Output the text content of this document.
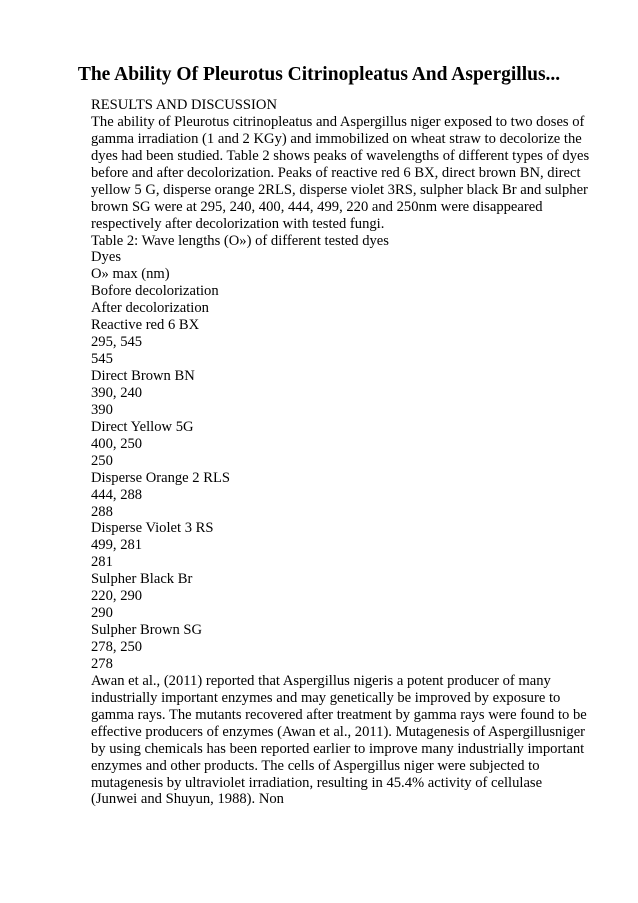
The Ability Of Pleurotus Citrinopleatus And Aspergillus...
RESULTS AND DISCUSSION
The ability of Pleurotus citrinopleatus and Aspergillus niger exposed to two doses of
gamma irradiation (1 and 2 KGy) and immobilized on wheat straw to decolorize the
dyes had been studied. Table 2 shows peaks of wavelengths of different types of dyes
before and after decolorization. Peaks of reactive red 6 BX, direct brown BN, direct
yellow 5 G, disperse orange 2RLS, disperse violet 3RS, sulpher black Br and sulpher
brown SG were at 295, 240, 400, 444, 499, 220 and 250nm were disappeared
respectively after decolorization with tested fungi.
Table 2: Wave lengths (O») of different tested dyes
Dyes
O» max (nm)
Bofore decolorization
After decolorization
Reactive red 6 BX
295, 545
545
Direct Brown BN
390, 240
390
Direct Yellow 5G
400, 250
250
Disperse Orange 2 RLS
444, 288
288
Disperse Violet 3 RS
499, 281
281
Sulpher Black Br
220, 290
290
Sulpher Brown SG
278, 250
278
Awan et al., (2011) reported that Aspergillus nigeris a potent producer of many
industrially important enzymes and may genetically be improved by exposure to
gamma rays. The mutants recovered after treatment by gamma rays were found to be
effective producers of enzymes (Awan et al., 2011). Mutagenesis of Aspergillusniger
by using chemicals has been reported earlier to improve many industrially important
enzymes and other products. The cells of Aspergillus niger were subjected to
mutagenesis by ultraviolet irradiation, resulting in 45.4% activity of cellulase
(Junwei and Shuyun, 1988). Non
